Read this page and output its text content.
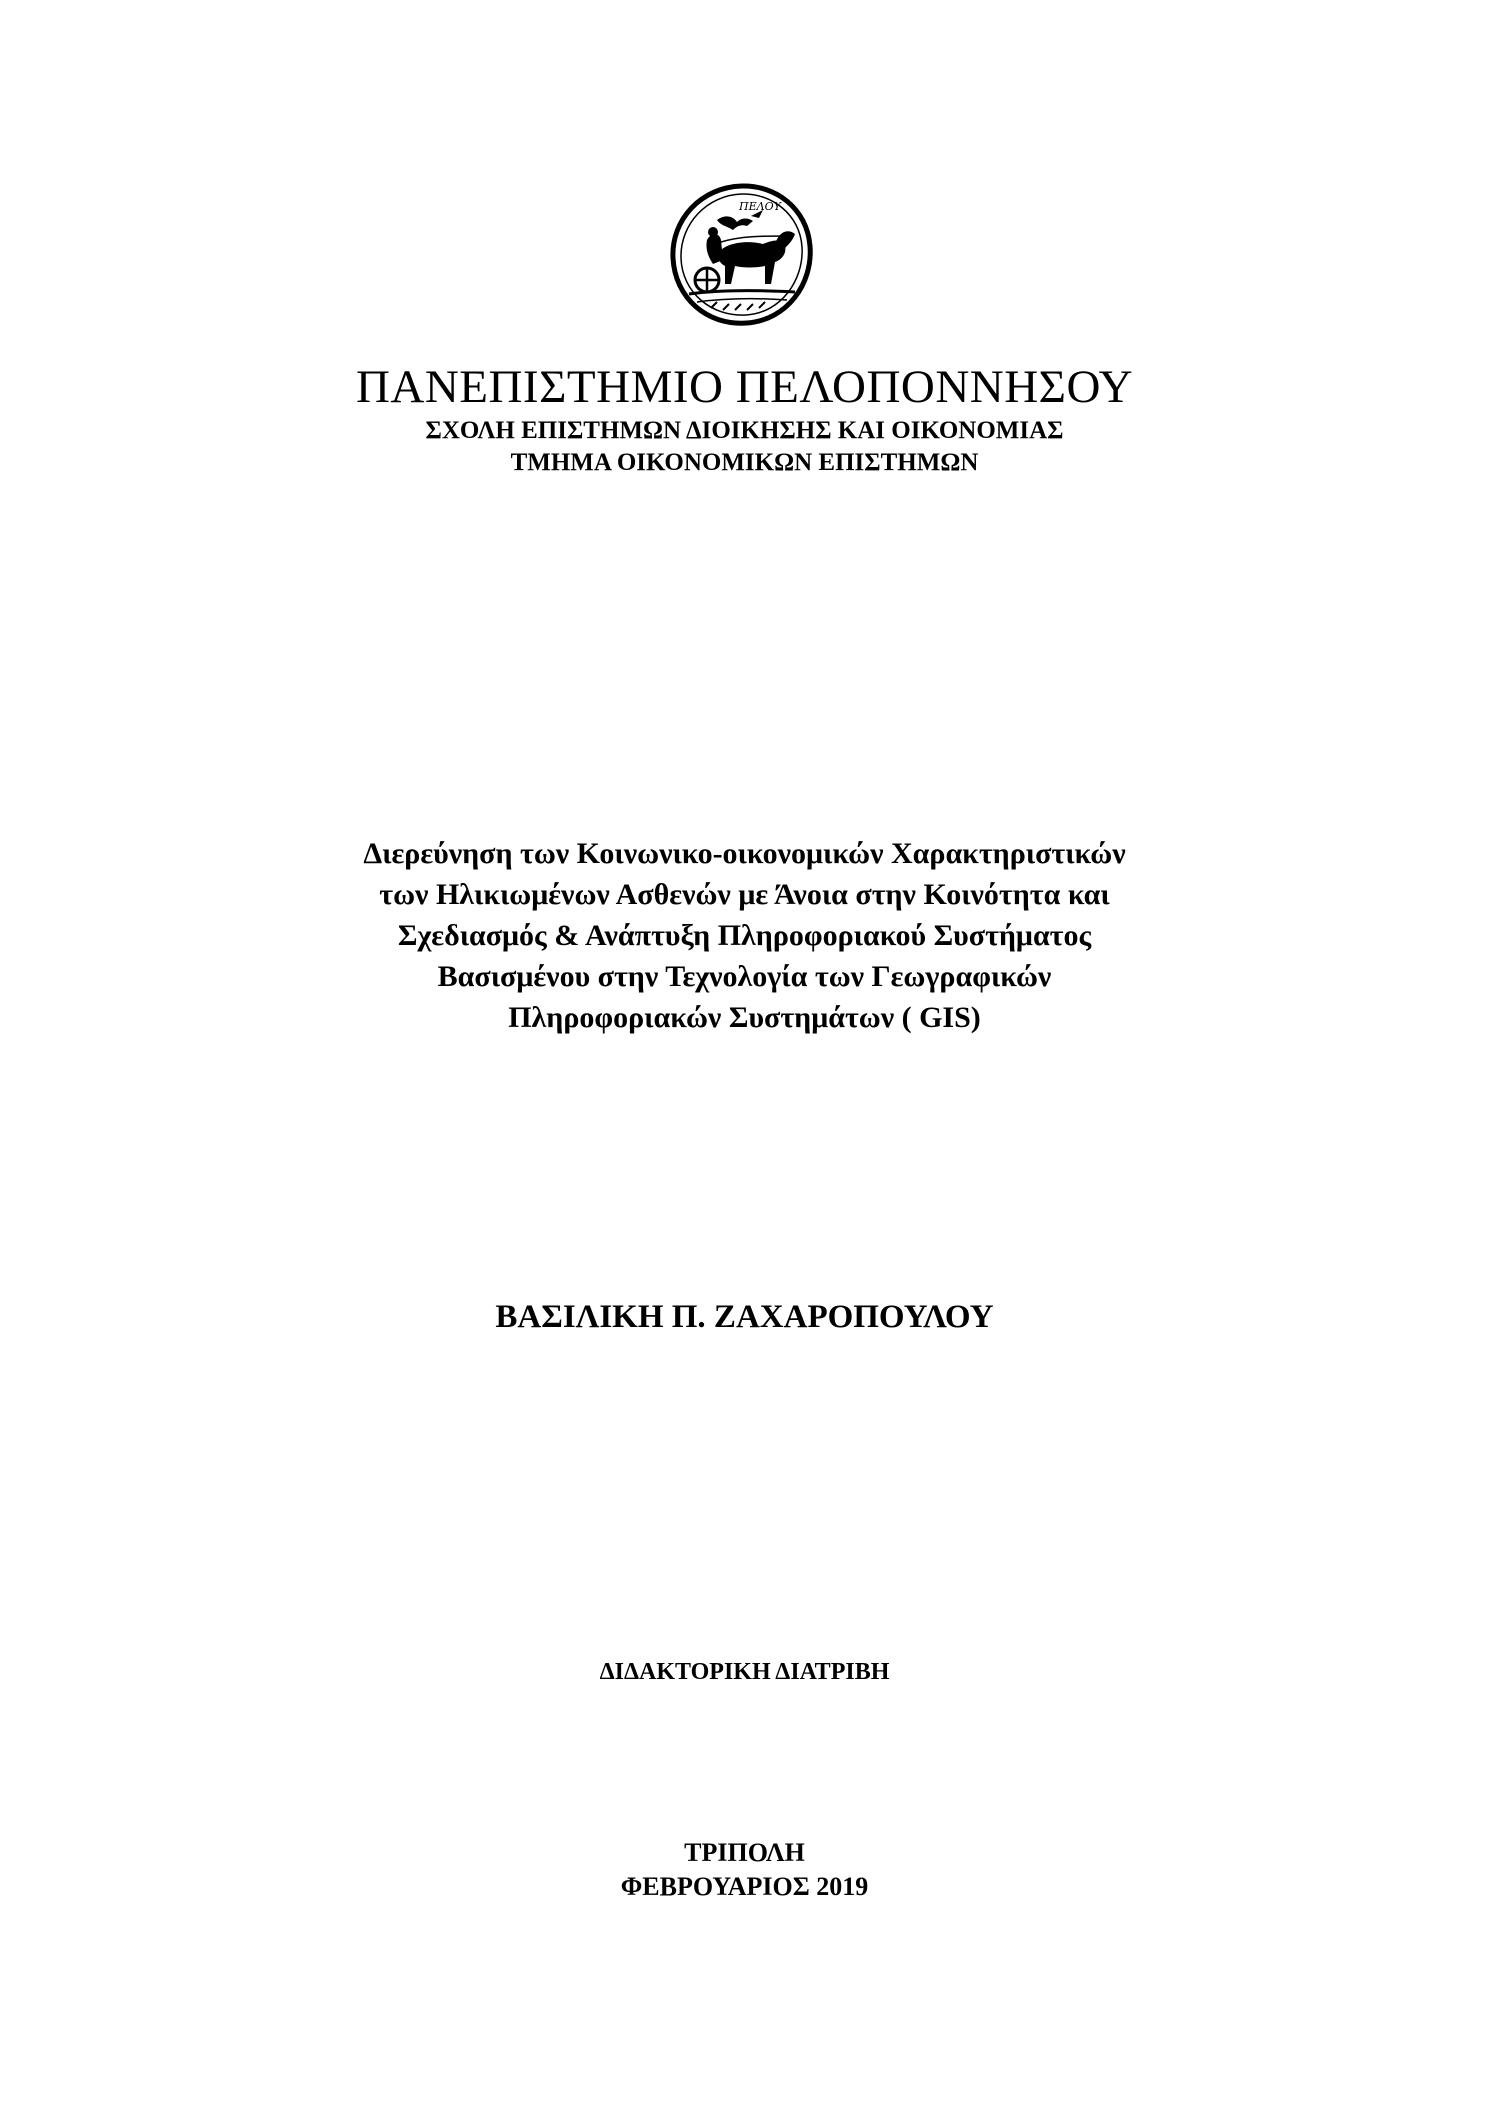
ΠΕΛΟΥ
ΠΑΝΕΠΙΣΤΗΜΙΟ ΠΕΛΟΠΟΝΝΗΣΟΥ
ΣΧΟΛΗ ΕΠΙΣΤΗΜΩΝ ΔΙΟΙΚΗΣΗΣ ΚΑΙ ΟΙΚΟΝΟΜΙΑΣ
ΤΜΗΜΑ ΟΙΚΟΝΟΜΙΚΩΝ ΕΠΙΣΤΗΜΩΝ
Διερεύνηση των Κοινωνικο-οικονομικών Χαρακτηριστικών
των Ηλικιωμένων Ασθενών με Άνοια στην Κοινότητα και
Σχεδιασμός & Ανάπτυξη Πληροφοριακού Συστήματος
Βασισμένου στην Τεχνολογία των Γεωγραφικών
Πληροφοριακών Συστημάτων ( GIS)
ΒΑΣΙΛΙΚΗ Π. ΖΑΧΑΡΟΠΟΥΛΟΥ
ΔΙΔΑΚΤΟΡΙΚΗ ΔΙΑΤΡΙΒΗ
ΤΡΙΠΟΛΗ
ΦΕΒΡΟΥΑΡΙΟΣ 2019
